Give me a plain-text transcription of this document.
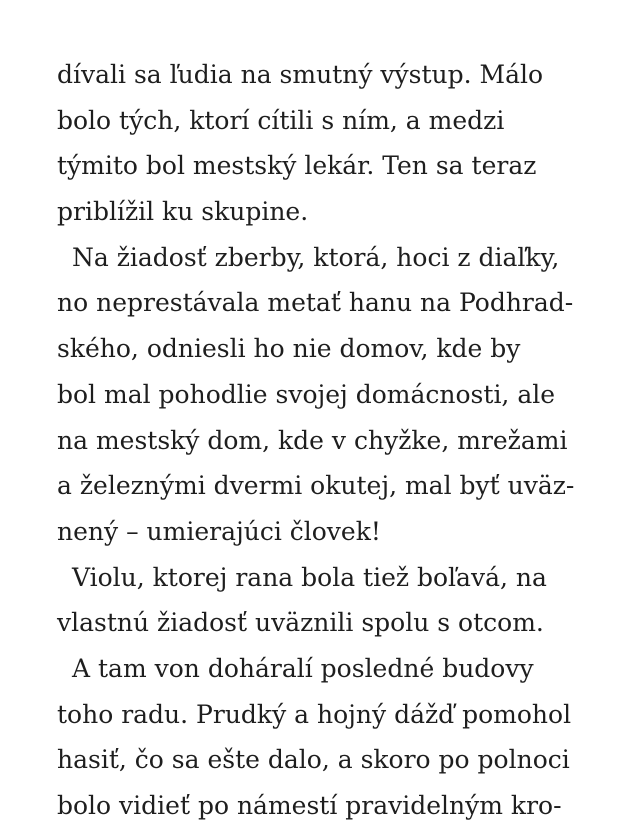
dívali sa ľudia na smutný výstup. Málo
bolo tých, ktorí cítili s ním, a medzi
týmito bol mestský lekár. Ten sa teraz
priblížil ku skupine.
Na žiadosť zberby, ktorá, hoci z diaľky,
no neprestávala metať hanu na Podhrad-
ského, odniesli ho nie domov, kde by
bol mal pohodlie svojej domácnosti, ale
na mestský dom, kde v chyžke, mrežami
a železnými dvermi okutej, mal byť uväz-
nený – umierajúci človek!
Violu, ktorej rana bola tiež boľavá, na
vlastnú žiadosť uväznili spolu s otcom.
A tam von doháralí posledné budovy
toho radu. Prudký a hojný dážď pomohol
hasiť, čo sa ešte dalo, a skoro po polnoci
bolo vidieť po námestí pravidelným kro-
